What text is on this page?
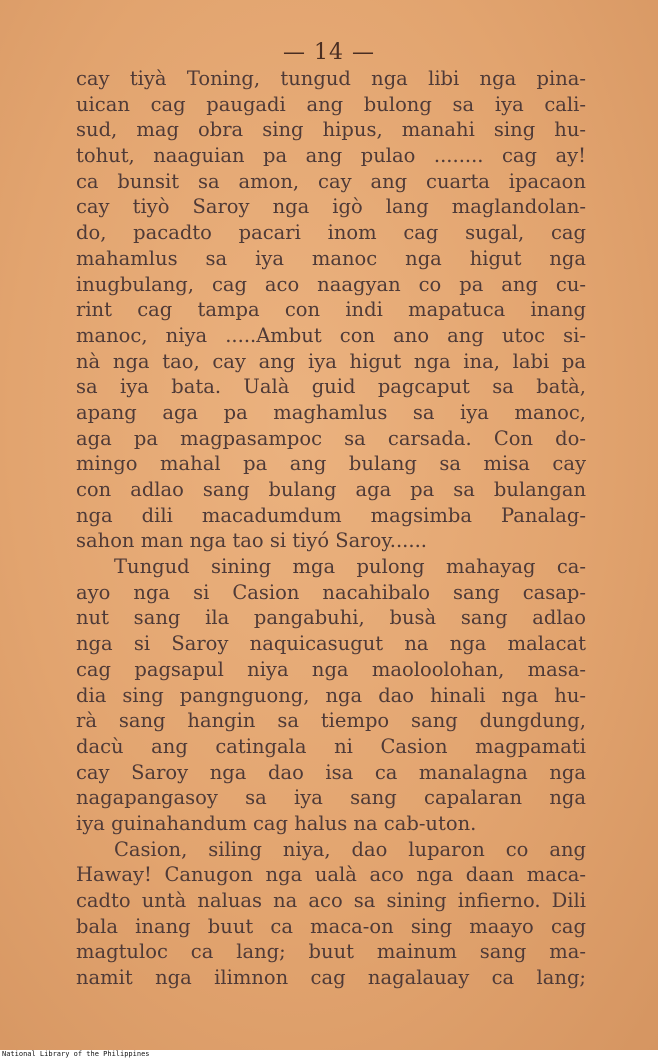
— 14 —
cay tiyà Toning, tungud nga libi nga pina-
uican cag paugadi ang bulong sa iya cali-
sud, mag obra sing hipus, manahi sing hu-
tohut, naaguian pa ang pulao ........ cag ay!
ca bunsit sa amon, cay ang cuarta ipacaon
cay tiyò Saroy nga igò lang maglandolan-
do, pacadto pacari inom cag sugal, cag
mahamlus sa iya manoc nga higut nga
inugbulang, cag aco naagyan co pa ang cu-
rint cag tampa con indi mapatuca inang
manoc, niya .....Ambut con ano ang utoc si-
nà nga tao, cay ang iya higut nga ina, labi pa
sa iya bata. Ualà guid pagcaput sa batà,
apang aga pa maghamlus sa iya manoc,
aga pa magpasampoc sa carsada. Con do-
mingo mahal pa ang bulang sa misa cay
con adlao sang bulang aga pa sa bulangan
nga dili macadumdum magsimba Panalag-
sahon man nga tao si tiyó Saroy......
Tungud sining mga pulong mahayag ca-
ayo nga si Casion nacahibalo sang casap-
nut sang ila pangabuhi, busà sang adlao
nga si Saroy naquicasugut na nga malacat
cag pagsapul niya nga maoloolohan, masa-
dia sing pangnguong, nga dao hinali nga hu-
rà sang hangin sa tiempo sang dungdung,
dacù ang catingala ni Casion magpamati
cay Saroy nga dao isa ca manalagna nga
nagapangasoy sa iya sang capalaran nga
iya guinahandum cag halus na cab-uton.
Casion, siling niya, dao luparon co ang
Haway! Canugon nga ualà aco nga daan maca-
cadto untà naluas na aco sa sining infierno. Dili
bala inang buut ca maca-on sing maayo cag
magtuloc ca lang; buut mainum sang ma-
namit nga ilimnon cag nagalauay ca lang;
National Library of the Philippines
